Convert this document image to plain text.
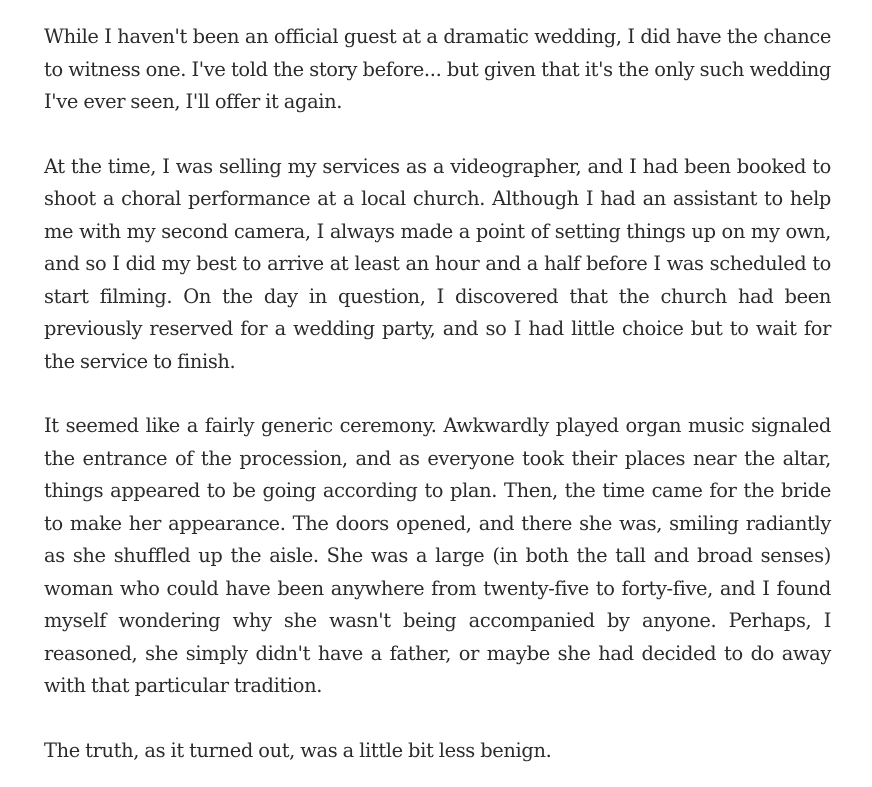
While I haven't been an official guest at a dramatic wedding, I did have the chance to witness one. I've told the story before... but given that it's the only such wedding I've ever seen, I'll offer it again.

At the time, I was selling my services as a videographer, and I had been booked to shoot a choral performance at a local church. Although I had an assistant to help me with my second camera, I always made a point of setting things up on my own, and so I did my best to arrive at least an hour and a half before I was scheduled to start filming. On the day in question, I discovered that the church had been previously reserved for a wedding party, and so I had little choice but to wait for the service to finish.

It seemed like a fairly generic ceremony. Awkwardly played organ music signaled the entrance of the procession, and as everyone took their places near the altar, things appeared to be going according to plan. Then, the time came for the bride to make her appearance. The doors opened, and there she was, smiling radiantly as she shuffled up the aisle. She was a large (in both the tall and broad senses) woman who could have been anywhere from twenty-five to forty-five, and I found myself wondering why she wasn't being accompanied by anyone. Perhaps, I reasoned, she simply didn't have a father, or maybe she had decided to do away with that particular tradition.

The truth, as it turned out, was a little bit less benign.
